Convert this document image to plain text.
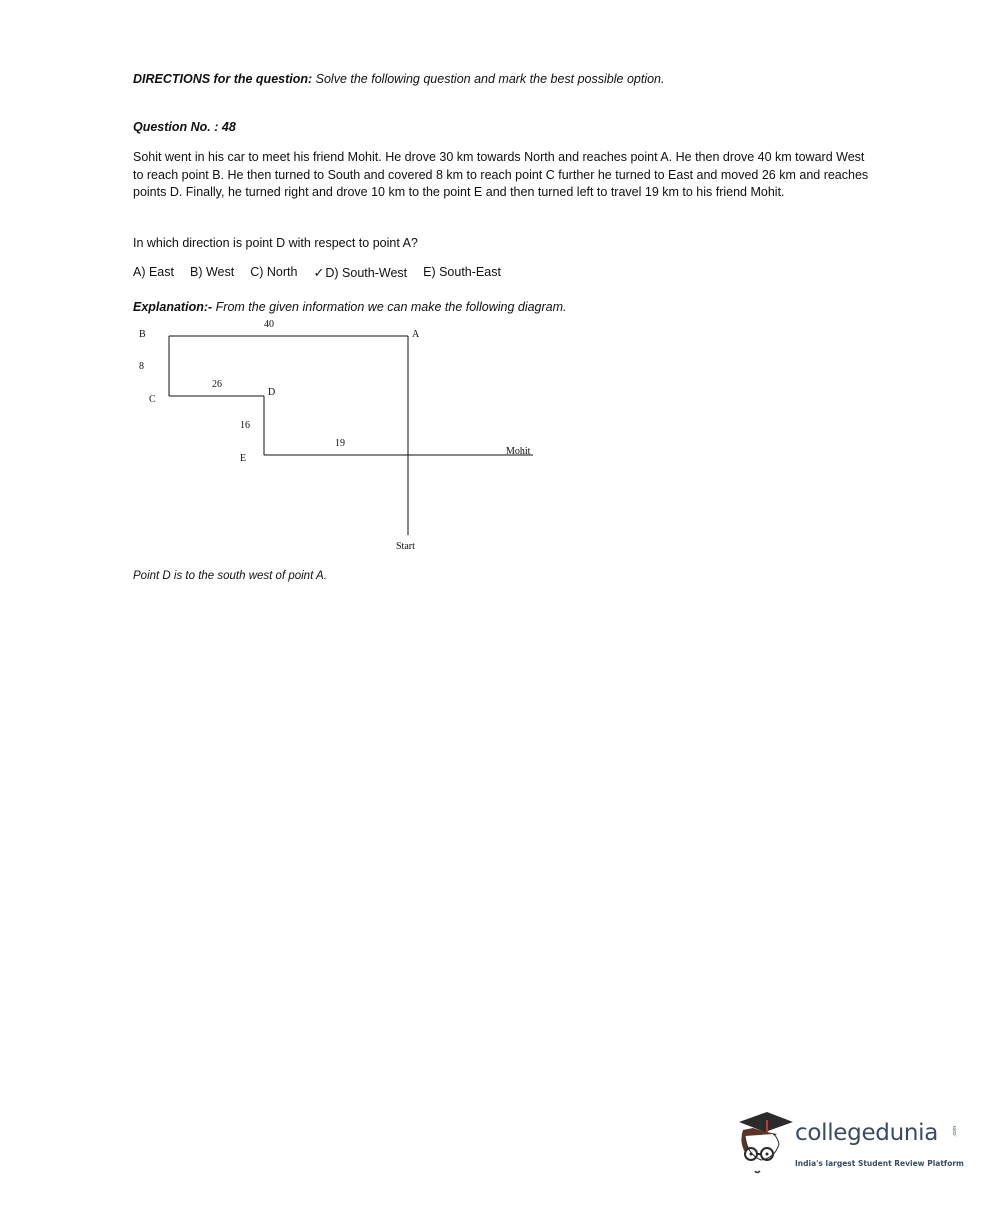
DIRECTIONS for the question: Solve the following question and mark the best possible option.
Question No. : 48
Sohit went in his car to meet his friend Mohit. He drove 30 km towards North and reaches point A. He then drove 40 km toward West to reach point B. He then turned to South and covered 8 km to reach point C further he turned to East and moved 26 km and reaches points D. Finally, he turned right and drove 10 km to the point E and then turned left to travel 19 km to his friend Mohit.
In which direction is point D with respect to point A?
A) East B) West C) North ✓D) South-West E) South-East
Explanation:- From the given information we can make the following diagram.
B	A
C
D
E
40
8
26
16
19
Mohit
Start
Point D is to the south west of point A.
collegedunia	.com
India's largest Student Review Platform
